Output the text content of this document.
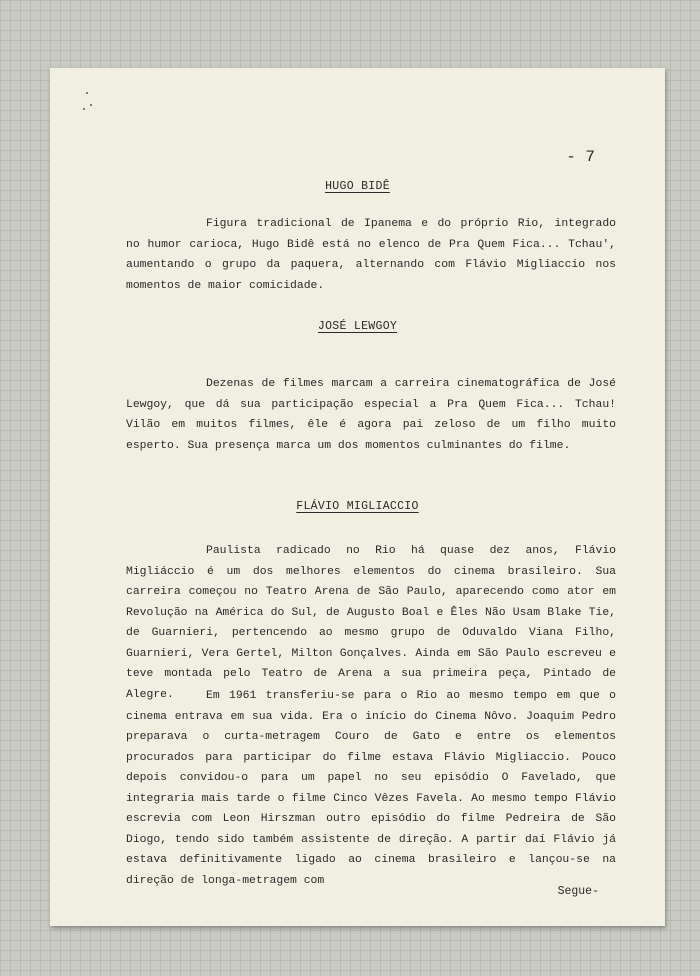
- 7
HUGO BIDÊ
Figura tradicional de Ipanema e do próprio Rio, integrado no humor carioca, Hugo Bidê está no elenco de Pra Quem Fica... Tchau', aumentando o grupo da paquera, alternando com Flávio Migliaccio nos momentos de maior comicidade.
JOSÉ LEWGOY
Dezenas de filmes marcam a carreira cinematográfica de José Lewgoy, que dá sua participação especial a Pra Quem Fica... Tchau! Vilão em muitos filmes, êle é agora pai zeloso de um filho muito esperto. Sua presença marca um dos momentos culminantes do filme.
FLÁVIO MIGLIACCIO
Paulista radicado no Rio há quase dez anos, Flávio Migliáccio é um dos melhores elementos do cinema brasileiro. Sua carreira começou no Teatro Arena de São Paulo, aparecendo como ator em Revolução na América do Sul, de Augusto Boal e Êles Não Usam Blake Tie, de Guarnieri, pertencendo ao mesmo grupo de Oduvaldo Viana Filho, Guarnieri, Vera Gertel, Milton Gonçalves. Ainda em São Paulo escreveu e teve montada pelo Teatro de Arena a sua primeira peça, Pintado de Alegre.	Em 1961 transferiu-se para o Rio ao mesmo tempo em que o cinema entrava em sua vida. Era o início do Cinema Nôvo. Joaquim Pedro preparava o curta-metragem Couro de Gato e entre os elementos procurados para participar do filme estava Flávio Migliaccio. Pouco depois convidou-o para um papel no seu episódio O Favelado, que integraria mais tarde o filme Cinco Vêzes Favela. Ao mesmo tempo Flávio escrevia com Leon Hirszman outro episódio do filme Pedreira de São Diogo, tendo sido também assistente de direção. A partir daí Flávio já estava definitivamente ligado ao cinema brasileiro e lançou-se na direção de longa-metragem com
Segue-
